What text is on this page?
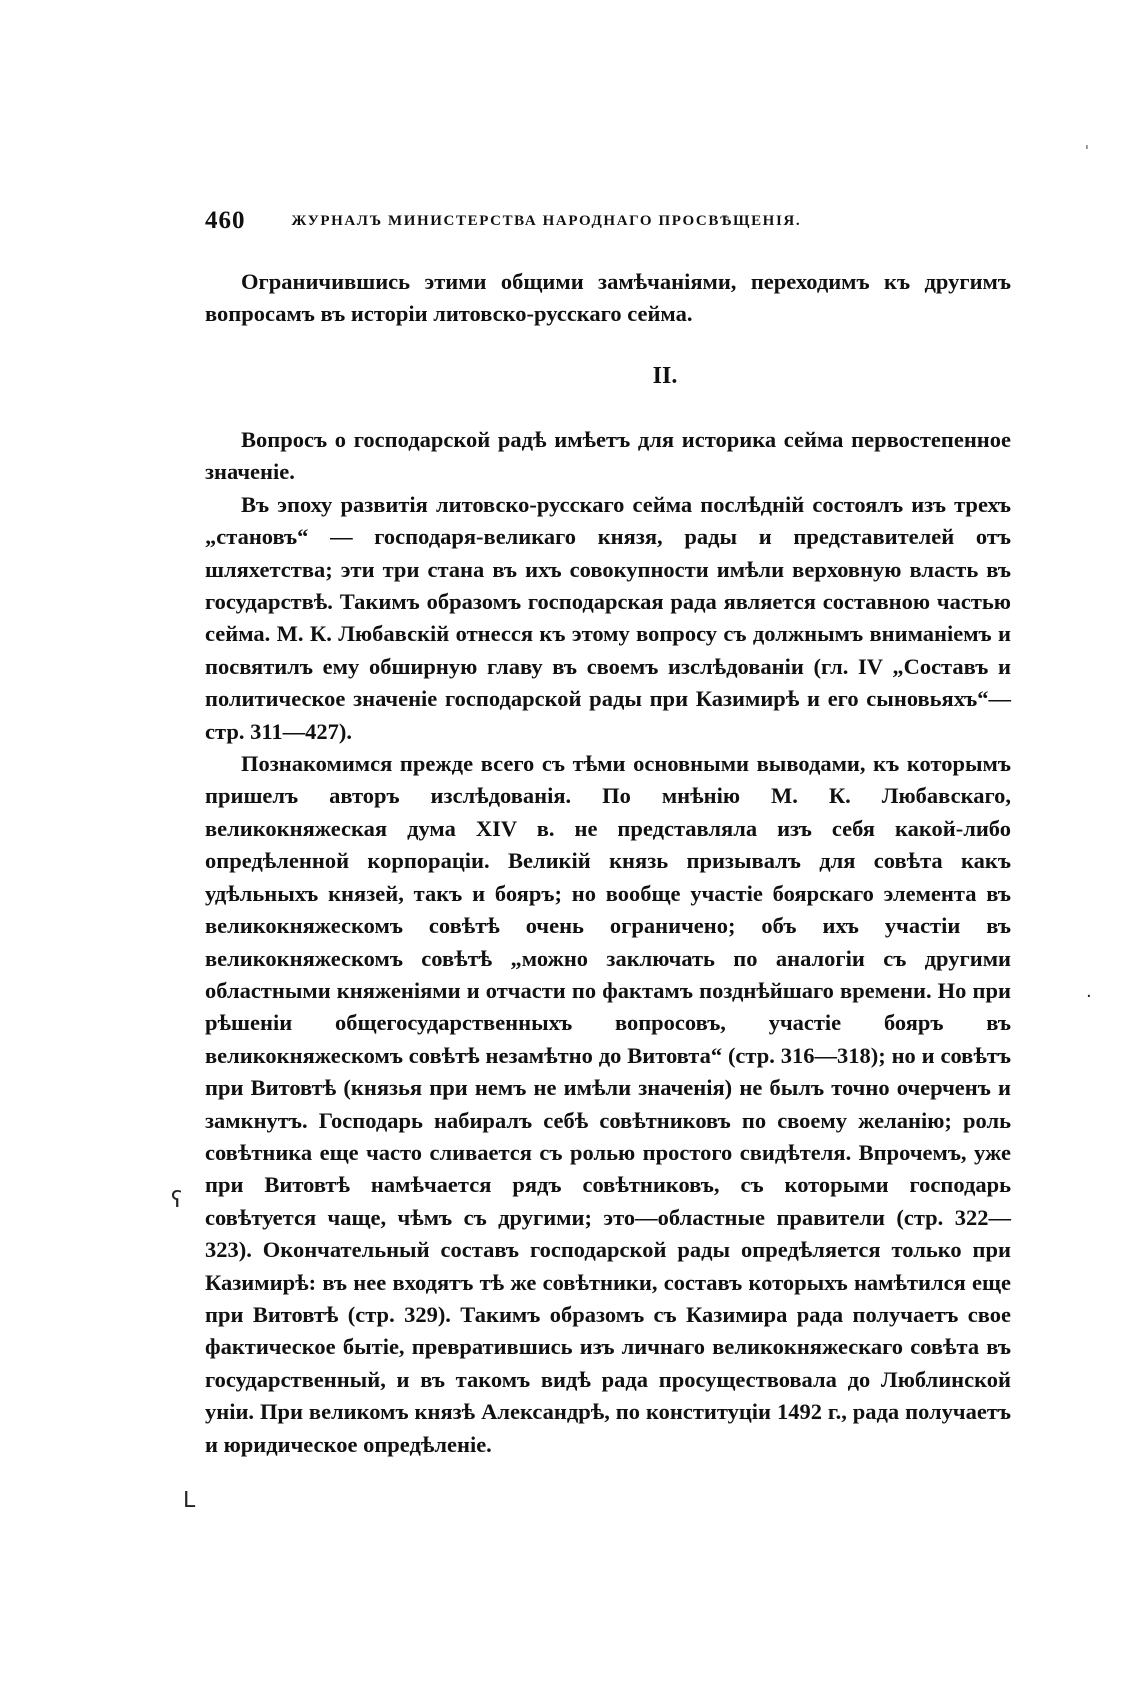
460	ЖУРНАЛЪ МИНИСТЕРСТВА НАРОДНАГО ПРОСВѢЩЕНІЯ.

Ограничившись этими общими замѣчаніями, переходимъ къ другимъ вопросамъ въ исторіи литовско-русскаго сейма.

II.

Вопросъ о господарской радѣ имѣетъ для историка сейма первостепенное значеніе.

Въ эпоху развитія литовско-русскаго сейма послѣдній состоялъ изъ трехъ „становъ“ — господаря-великаго князя, рады и представителей отъ шляхетства; эти три стана въ ихъ совокупности имѣли верховную власть въ государствѣ. Такимъ образомъ господарская рада является составною частью сейма. М. К. Любавскій отнесся къ этому вопросу съ должнымъ вниманіемъ и посвятилъ ему обширную главу въ своемъ изслѣдованіи (гл. IV „Составъ и политическое значеніе господарской рады при Казимирѣ и его сыновьяхъ“—стр. 311—427).

Познакомимся прежде всего съ тѣми основными выводами, къ которымъ пришелъ авторъ изслѣдованія. По мнѣнію М. К. Любавскаго, великокняжеская дума XIV в. не представляла изъ себя какой-либо опредѣленной корпораціи. Великій князь призывалъ для совѣта какъ удѣльныхъ князей, такъ и бояръ; но вообще участіе боярскаго элемента въ великокняжескомъ совѣтѣ очень ограничено; объ ихъ участіи въ великокняжескомъ совѣтѣ „можно заключать по аналогіи съ другими областными княженіями и отчасти по фактамъ позднѣйшаго времени. Но при рѣшеніи общегосударственныхъ вопросовъ, участіе бояръ въ великокняжескомъ совѣтѣ незамѣтно до Витовта“ (стр. 316—318); но и совѣтъ при Витовтѣ (князья при немъ не имѣли значенія) не былъ точно очерченъ и замкнутъ. Господарь набиралъ себѣ совѣтниковъ по своему желанію; роль совѣтника еще часто сливается съ ролью простого свидѣтеля. Впрочемъ, уже при Витовтѣ намѣчается рядъ совѣтниковъ, съ которыми господарь совѣтуется чаще, чѣмъ съ другими; это—областные правители (стр. 322—323). Окончательный составъ господарской рады опредѣляется только при Казимирѣ: въ нее входятъ тѣ же совѣтники, составъ которыхъ намѣтился еще при Витовтѣ (стр. 329). Такимъ образомъ съ Казимира рада получаетъ свое фактическое бытіе, превратившись изъ личнаго великокняжескаго совѣта въ государственный, и въ такомъ видѣ рада просуществовала до Люблинской уніи. При великомъ князѣ Александрѣ, по конституціи 1492 г., рада получаетъ и юридическое опредѣленіе.

ˌ
·
ʕ
ᒪ
